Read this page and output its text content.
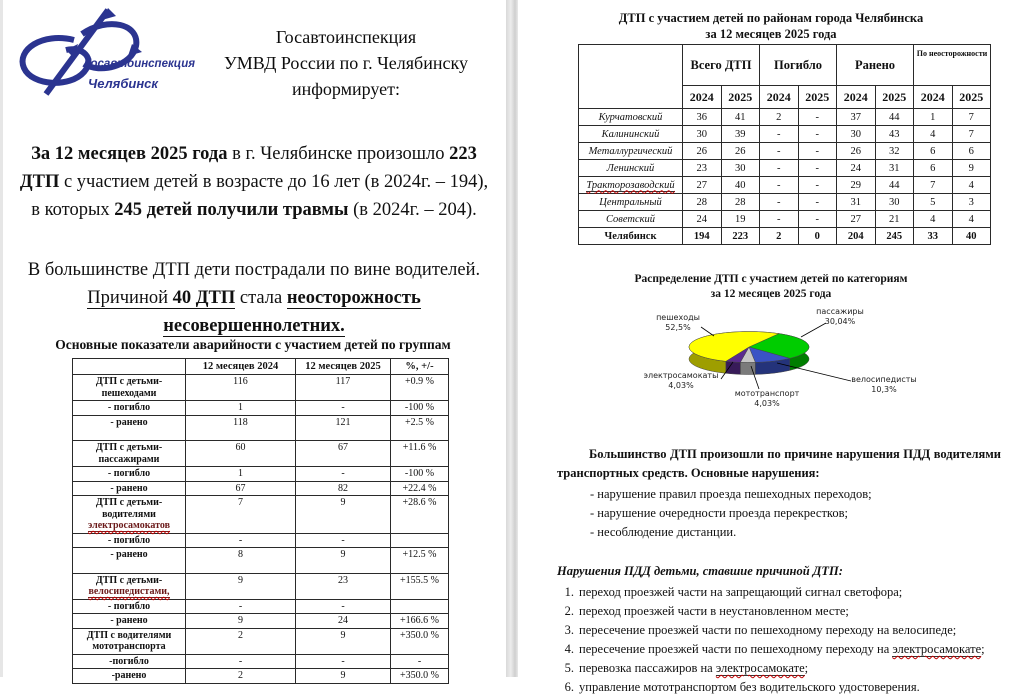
Госавтоинспекция
Челябинск
Госавтоинспекция
УМВД России по г. Челябинску
информирует:
За 12 месяцев 2025 года в г. Челябинске произошло 223 ДТП с участием детей в возрасте до 16 лет (в 2024г. – 194), в которых 245 детей получили травмы (в 2024г. – 204).
В большинстве ДТП дети пострадали по вине водителей. Причиной 40 ДТП стала неосторожность несовершеннолетних.
Основные показатели аварийности с участием детей по группам
	12 месяцев 2024	12 месяцев 2025	%, +/-
ДТП с детьми-
пешеходами	116	117	+0.9 %
- погибло	1	-	-100 %
- ранено	118	121	+2.5 %
ДТП с детьми-
пассажирами	60	67	+11.6 %
- погибло	1	-	-100 %
- ранено	67	82	+22.4 %
ДТП с детьми-водителями
электросамокатов	7	9	+28.6 %
- погибло	-	-	
- ранено	8	9	+12.5 %
ДТП с детьми-
велосипедистами,	9	23	+155.5 %
- погибло	-	-	
- ранено	9	24	+166.6 %
ДТП с водителями
мототранспорта	2	9	+350.0 %
-погибло	-	-	-
-ранено	2	9	+350.0 %
ДТП с участием детей по районам города Челябинска
за 12 месяцев 2025 года
	Всего ДТП		Погибло		Ранено		По неосторожности	
	2024	2025	2024	2025	2024	2025	2024	2025
Курчатовский	36	41	2	-	37	44	1	7
Калининский	30	39	-	-	30	43	4	7
Металлургический	26	26	-	-	26	32	6	6
Ленинский	23	30	-	-	24	31	6	9
Тракторозаводский	27	40	-	-	29	44	7	4
Центральный	28	28	-	-	31	30	5	3
Советский	24	19	-	-	27	21	4	4
Челябинск	194	223	2	0	204	245	33	40
Распределение ДТП с участием детей по категориям
за 12 месяцев 2025 года
пешеходы
52,5%
пассажиры
30,04%
электросамокаты
4,03%
мототранспорт
4,03%
велосипедисты
10,3%

Большинство ДТП произошли по причине нарушения ПДД водителями транспортных средств. Основные нарушения:

- нарушение правил проезда пешеходных переходов;
- нарушение очередности проезда перекрестков;
- несоблюдение дистанции.
Нарушения ПДД детьми, ставшие причиной ДТП:
1. переход проезжей части на запрещающий сигнал светофора;
2. переход проезжей части в неустановленном месте;
3. пересечение проезжей части по пешеходному переходу на велосипеде;
4. пересечение проезжей части по пешеходному переходу на электросамокате;
5. перевозка пассажиров на электросамокате;
6. управление мототранспортом без водительского удостоверения.
